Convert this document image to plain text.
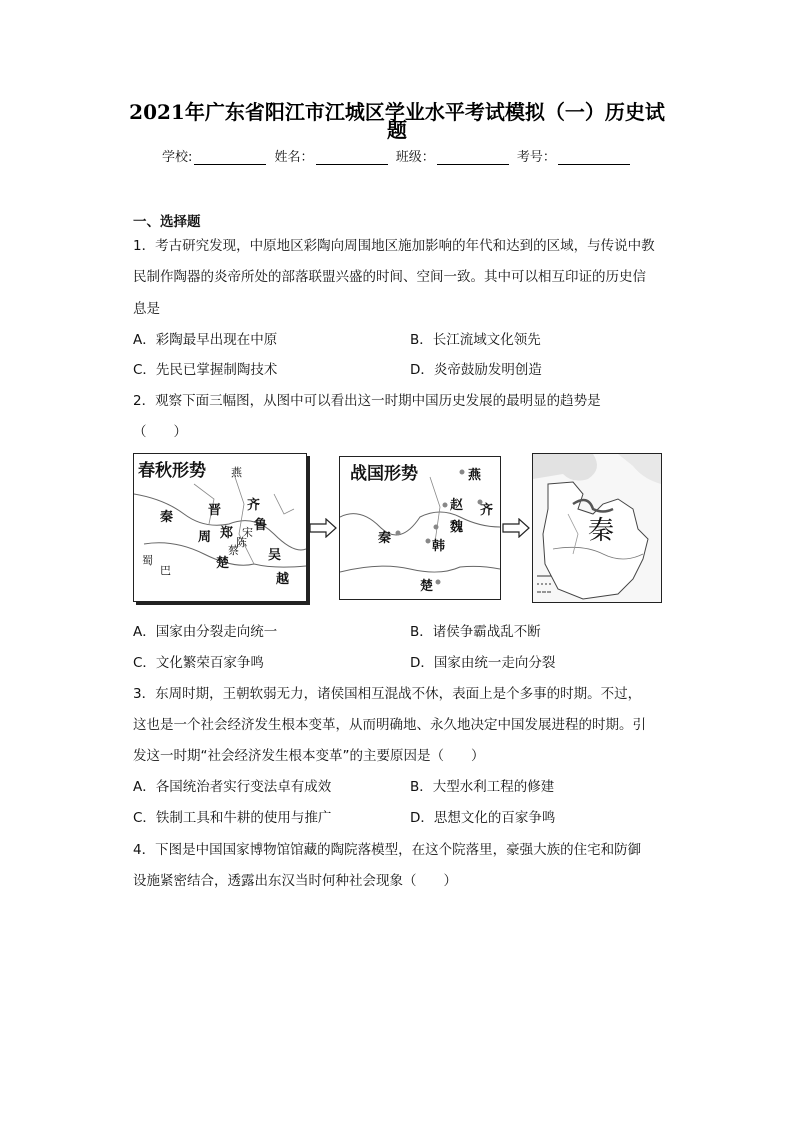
2021年广东省阳江市江城区学业水平考试模拟（一）历史试
题
学校:	姓名：	班级：	考号：
一、选择题
1．考古研究发现，中原地区彩陶向周围地区施加影响的年代和达到的区域，与传说中教
民制作陶器的炎帝所处的部落联盟兴盛的时间、空间一致。其中可以相互印证的历史信
息是
A．彩陶最早出现在中原	B．长江流域文化领先
C．先民已掌握制陶技术	D．炎帝鼓励发明创造
2．观察下面三幅图，从图中可以看出这一时期中国历史发展的最明显的趋势是
（　　）
春秋形势 燕
齐
晋
鲁
秦
宋
郑
周 陈
蔡 吴
楚
蜀
巴
越
战国形势	燕
赵 齐
魏
秦
韩
楚
秦
A．国家由分裂走向统一	B．诸侯争霸战乱不断
C．文化繁荣百家争鸣	D．国家由统一走向分裂
3．东周时期，王朝软弱无力，诸侯国相互混战不休，表面上是个多事的时期。不过，
这也是一个社会经济发生根本变革，从而明确地、永久地决定中国发展进程的时期。引
发这一时期“社会经济发生根本变革”的主要原因是（　　）
A．各国统治者实行变法卓有成效	B．大型水利工程的修建
C．铁制工具和牛耕的使用与推广	D．思想文化的百家争鸣
4．下图是中国国家博物馆馆藏的陶院落模型，在这个院落里，豪强大族的住宅和防御
设施紧密结合，透露出东汉当时何种社会现象（　　）
